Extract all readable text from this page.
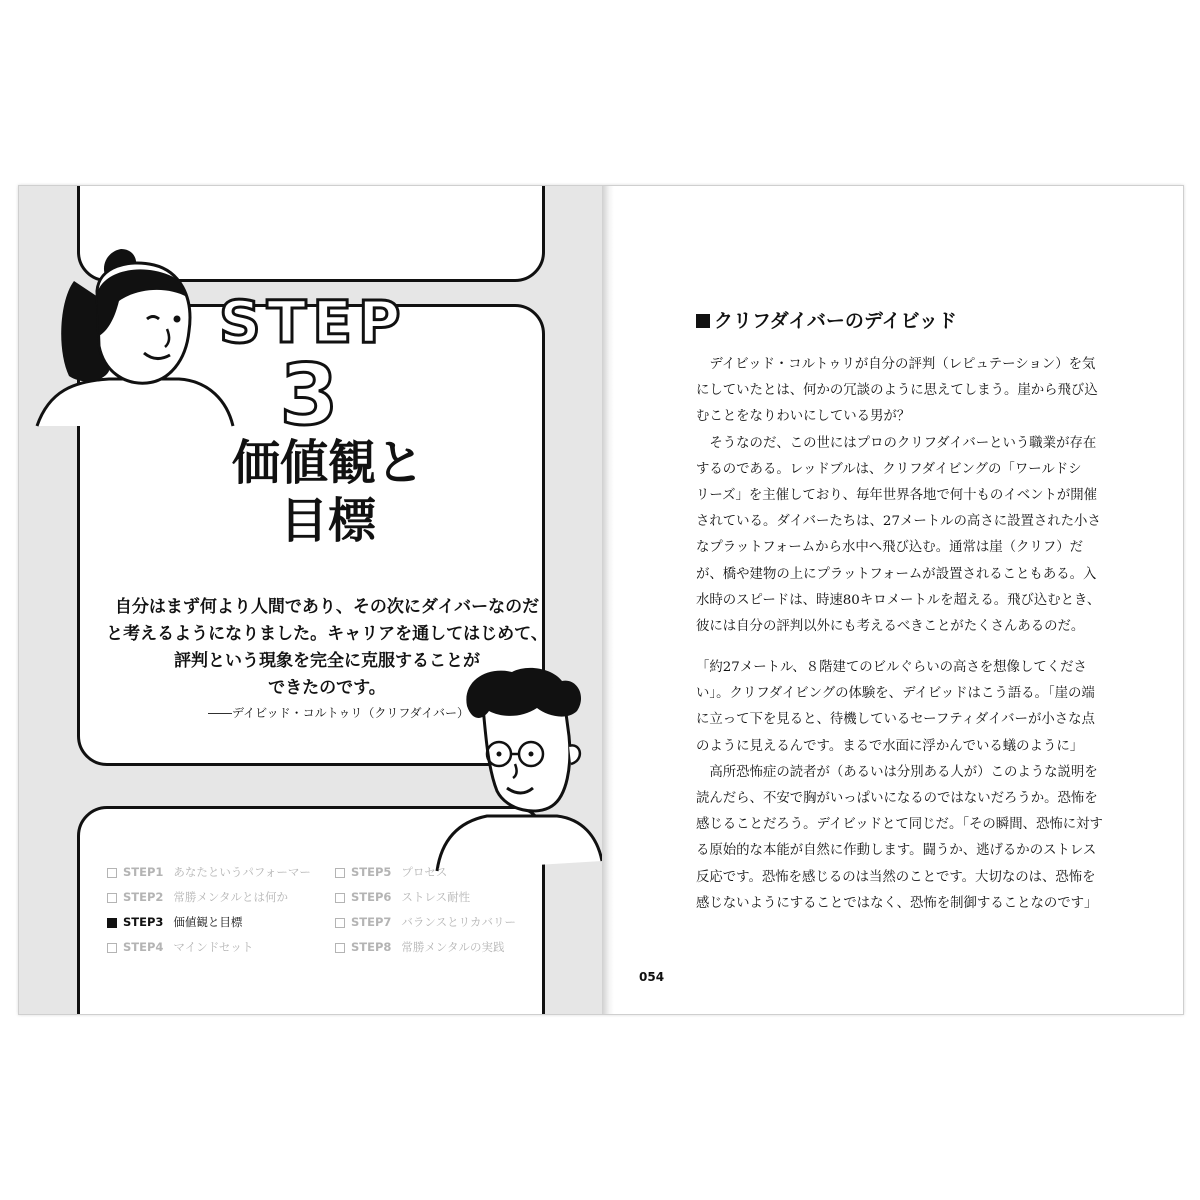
STEP
3
価値観と
目標
自分はまず何より人間であり、その次にダイバーなのだ
と考えるようになりました。キャリアを通してはじめて、
評判という現象を完全に克服することが
できたのです。
――デイビッド・コルトゥリ（クリフダイバー）
STEP1 あなたというパフォーマー
STEP2 常勝メンタルとは何か
STEP3 価値観と目標
STEP4 マインドセット
STEP5 プロセス
STEP6 ストレス耐性
STEP7 バランスとリカバリー
STEP8 常勝メンタルの実践
クリフダイバーのデイビッド
　デイビッド・コルトゥリが自分の評判（レピュテーション）を気
にしていたとは、何かの冗談のように思えてしまう。崖から飛び込
むことをなりわいにしている男が？
　そうなのだ、この世にはプロのクリフダイバーという職業が存在
するのである。レッドブルは、クリフダイビングの「ワールドシ
リーズ」を主催しており、毎年世界各地で何十ものイベントが開催
されている。ダイバーたちは、27メートルの高さに設置された小さ
なプラットフォームから水中へ飛び込む。通常は崖（クリフ）だ
が、橋や建物の上にプラットフォームが設置されることもある。入
水時のスピードは、時速80キロメートルを超える。飛び込むとき、
彼には自分の評判以外にも考えるべきことがたくさんあるのだ。
「約27メートル、８階建てのビルぐらいの高さを想像してくださ
い」。クリフダイビングの体験を、デイビッドはこう語る。「崖の端
に立って下を見ると、待機しているセーフティダイバーが小さな点
のように見えるんです。まるで水面に浮かんでいる蟻のように」
　高所恐怖症の読者が（あるいは分別ある人が）このような説明を
読んだら、不安で胸がいっぱいになるのではないだろうか。恐怖を
感じることだろう。デイビッドとて同じだ。「その瞬間、恐怖に対す
る原始的な本能が自然に作動します。闘うか、逃げるかのストレス
反応です。恐怖を感じるのは当然のことです。大切なのは、恐怖を
感じないようにすることではなく、恐怖を制御することなのです」
054
